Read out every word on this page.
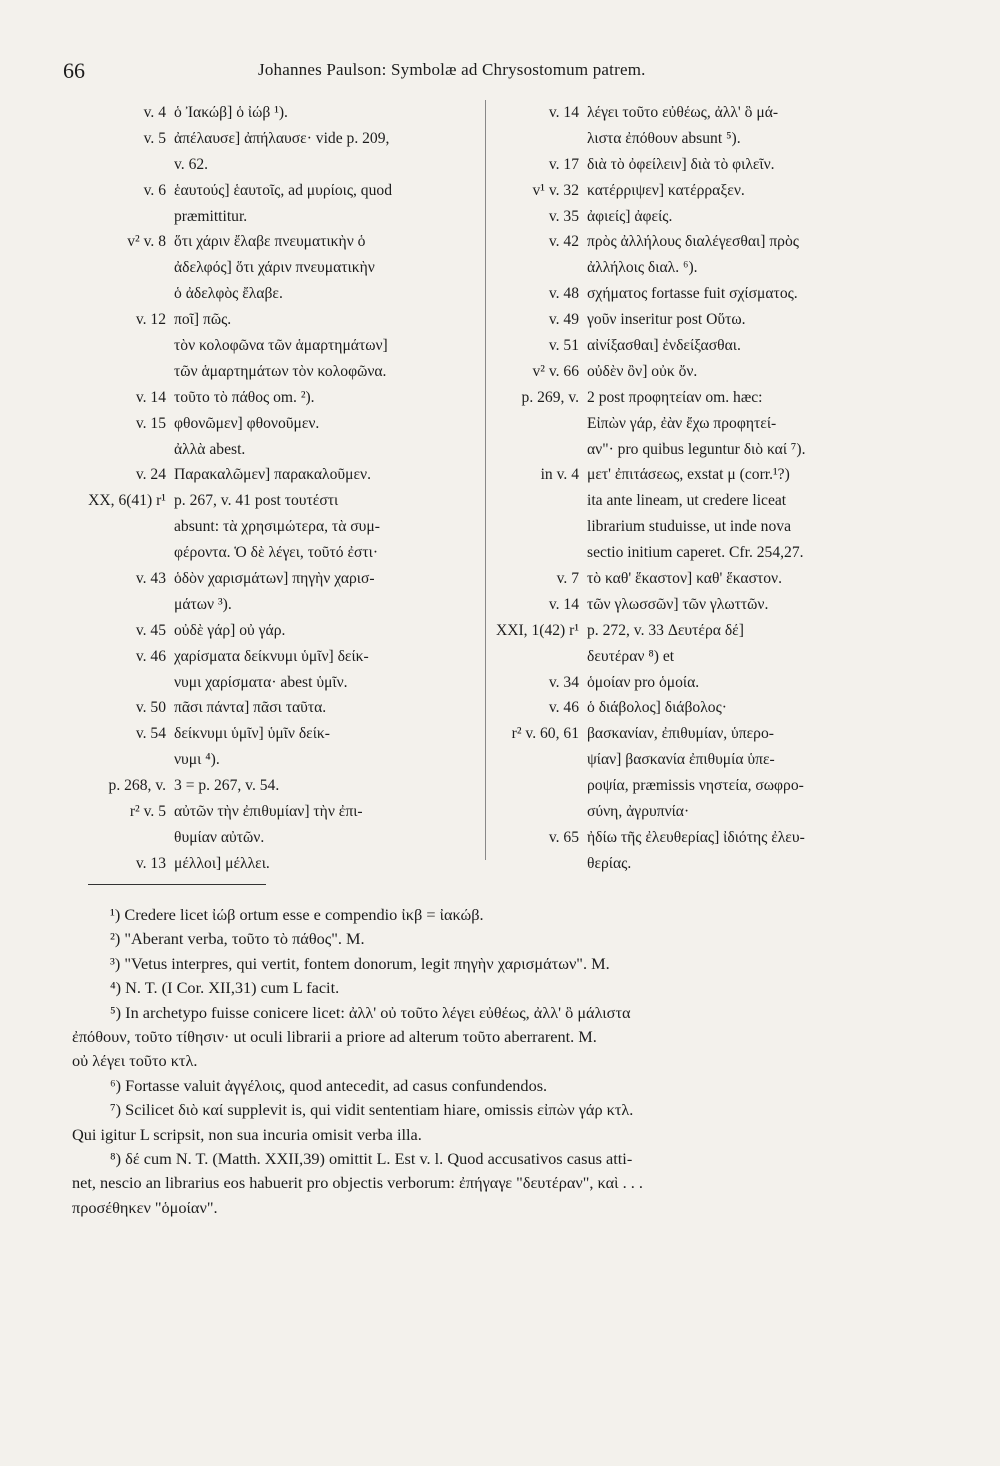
66	Johannes Paulson: Symbolæ ad Chrysostomum patrem.
v. 4 ὁ Ἰακώβ] ὁ ἰώβ ¹).
v. 5 ἀπέλαυσε] ἀπήλαυσε· vide p. 209,
v. 62.
v. 6 ἑαυτούς] ἑαυτοῖς, ad μυρίοις, quod
præmittitur.
v² v. 8 ὅτι χάριν ἔλαβε πνευματικὴν ὁ
ἀδελφός] ὅτι χάριν πνευματικὴν
ὁ ἀδελφὸς ἔλαβε.
v. 12 ποῖ] πῶς.
τὸν κολοφῶνα τῶν ἁμαρτημάτων]
τῶν ἁμαρτημάτων τὸν κολοφῶνα.
v. 14 τοῦτο τὸ πάθος om. ²).
v. 15 φθονῶμεν] φθονοῦμεν.
ἀλλὰ abest.
v. 24 Παρακαλῶμεν] παρακαλοῦμεν.
XX, 6(41) r¹ p. 267, v. 41 post τουτέστι
absunt: τὰ χρησιμώτερα, τὰ συμ-
φέροντα. Ὁ δὲ λέγει, τοῦτό ἐστι·
v. 43 ὁδὸν χαρισμάτων] πηγὴν χαρισ-
μάτων ³).
v. 45 οὐδὲ γάρ] οὐ γάρ.
v. 46 χαρίσματα δείκνυμι ὑμῖν] δείκ-
νυμι χαρίσματα· abest ὑμῖν.
v. 50 πᾶσι πάντα] πᾶσι ταῦτα.
v. 54 δείκνυμι ὑμῖν] ὑμῖν δείκ-
νυμι ⁴).
p. 268, v. 3 = p. 267, v. 54.
r² v. 5 αὐτῶν τὴν ἐπιθυμίαν] τὴν ἐπι-
θυμίαν αὐτῶν.
v. 13 μέλλοι] μέλλει.
v. 14 λέγει τοῦτο εὐθέως, ἀλλ' ὃ μά-
λιστα ἐπόθουν absunt ⁵).
v. 17 διὰ τὸ ὀφείλειν] διὰ τὸ φιλεῖν.
v¹ v. 32 κατέρριψεν] κατέρραξεν.
v. 35 ἀφιείς] ἀφείς.
v. 42 πρὸς ἀλλήλους διαλέγεσθαι] πρὸς
ἀλλήλοις διαλ. ⁶).
v. 48 σχήματος fortasse fuit σχίσματος.
v. 49 γοῦν inseritur post Οὕτω.
v. 51 αἰνίξασθαι] ἐνδείξασθαι.
v² v. 66 οὐδὲν ὂν] οὐκ ὄν.
p. 269, v. 2 post προφητείαν om. hæc:
Εἰπὼν γάρ, ἐὰν ἔχω προφητεί-
αν"· pro quibus leguntur διὸ καί ⁷).
in v. 4 μετ' ἐπιτάσεως, exstat μ (corr.¹?)
ita ante lineam, ut credere liceat
librarium studuisse, ut inde nova
sectio initium caperet. Cfr. 254,27.
v. 7 τὸ καθ' ἕκαστον] καθ' ἕκαστον.
v. 14 τῶν γλωσσῶν] τῶν γλωττῶν.
XXI, 1(42) r¹ p. 272, v. 33 Δευτέρα δέ]
δευτέραν ⁸) et
v. 34 ὁμοίαν pro ὁμοία.
v. 46 ὁ διάβολος] διάβολος·
r² v. 60, 61 βασκανίαν, ἐπιθυμίαν, ὑπερο-
ψίαν] βασκανία ἐπιθυμία ὑπε-
ροψία, præmissis νηστεία, σωφρο-
σύνη, ἀγρυπνία·
v. 65 ἠδίω τῆς ἐλευθερίας] ἰδιότης ἐλευ-
θερίας.
¹) Credere licet ἰώβ ortum esse e compendio ἰκβ = ἰακώβ.
²) "Aberant verba, τοῦτο τὸ πάθος". M.
³) "Vetus interpres, qui vertit, fontem donorum, legit πηγὴν χαρισμάτων". M.
⁴) N. T. (I Cor. XII,31) cum L facit.
⁵) In archetypo fuisse conicere licet: ἀλλ' οὐ τοῦτο λέγει εὐθέως, ἀλλ' ὃ μάλιστα
ἐπόθουν, τοῦτο τίθησιν· ut oculi librarii a priore ad alterum τοῦτο aberrarent. M.
οὐ λέγει τοῦτο κτλ.
⁶) Fortasse valuit ἀγγέλοις, quod antecedit, ad casus confundendos.
⁷) Scilicet διὸ καί supplevit is, qui vidit sententiam hiare, omissis εἰπὼν γάρ κτλ.
Qui igitur L scripsit, non sua incuria omisit verba illa.
⁸) δέ cum N. T. (Matth. XXII,39) omittit L. Est v. l. Quod accusativos casus atti-
net, nescio an librarius eos habuerit pro objectis verborum: ἐπήγαγε "δευτέραν", καὶ . . .
προσέθηκεν "ὁμοίαν".
